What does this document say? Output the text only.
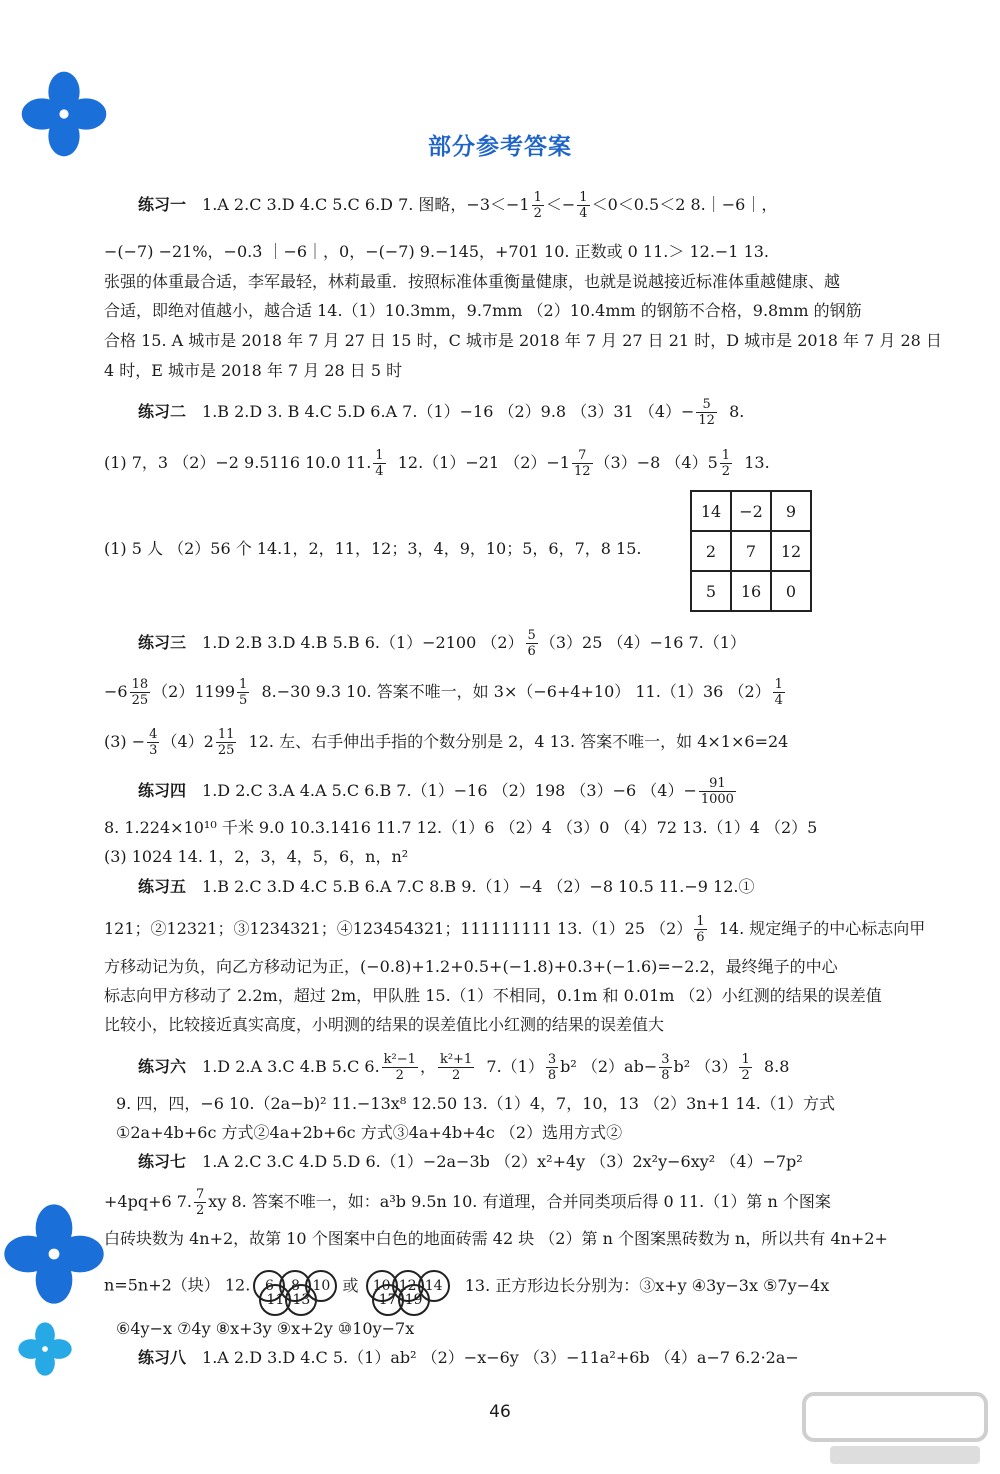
部分参考答案
练习一 1.A 2.C 3.D 4.C 5.C 6.D 7. 图略，$-3<-1 \frac{1}{2} <- \frac{1}{4} <0<0.5<2$ 8.｜−6｜，
−(−7) −21%，−0.3̇ ｜−6｜，0，−(−7) 9.−145，+701 10. 正数或 0 11.＞ 12.−1 13.
张强的体重最合适，李军最轻，林莉最重．按照标准体重衡量健康，也就是说越接近标准体重越健康、越
合适，即绝对值越小，越合适 14.（1）10.3mm，9.7mm （2）10.4mm 的钢筋不合格，9.8mm 的钢筋
合格 15. A 城市是 2018 年 7 月 27 日 15 时，C 城市是 2018 年 7 月 27 日 21 时，D 城市是 2018 年 7 月 28 日
4 时，E 城市是 2018 年 7 月 28 日 5 时
练习二 1.B 2.D 3. B 4.C 5.D 6.A 7.（1）−16 （2）9.8 （3）31 $(4)- \frac{5}{12} 8$.
(1) 7，3 （2）−2 9.5116 10.0 11. $\frac{1}{4} 12.(1)-21$ $(2)-1 \frac{7}{12} (3)-8$ $(4)5 \frac{1}{2} 13$.
(1) 5 人 （2）56 个 14.1，2，11，12；3，4，9，10；5，6，7，8 15.
14	−2	9
2	7	12
5	16	0
练习三 1.D 2.B 3.D 4.B 5.B 6.（1）−2100 $(2) \frac{5}{6} (3)25$ （4）−16 7.（1）
$-6 \frac{18}{25} (2)1199 \frac{1}{5} 8.-30$ 9.3 10. 答案不唯一，如 3×（−6+4+10） 11.（1）36 $(2) \frac{1}{4}$
$(3) - \frac{4}{3} (4)2 \frac{11}{25} 12$. 左、右手伸出手指的个数分别是 2，4 13. 答案不唯一，如 4×1×6=24
练习四 1.D 2.C 3.A 4.A 5.C 6.B 7.（1）−16 （2）198 （3）−6 $(4)- \frac{91}{1000}$
8. 1.224×10¹⁰ 千米 9.0 10.3.1416 11.7 12.（1）6 （2）4 （3）0 （4）72 13.（1）4 （2）5
(3) 1024 14. 1，2，3，4，5，6，n，n²
练习五 1.B 2.C 3.D 4.C 5.B 6.A 7.C 8.B 9.（1）−4 （2）−8 10.5 11.−9 12.①
121；②12321；③1234321；④123454321；111111111 13.（1）25 $(2) \frac{1}{6} 14$. 规定绳子的中心标志向甲
方移动记为负，向乙方移动记为正，(−0.8)+1.2+0.5+(−1.8)+0.3+(−1.6)=−2.2，最终绳子的中心
标志向甲方移动了 2.2m，超过 2m，甲队胜 15.（1）不相同，0.1m 和 0.01m （2）小红测的结果的误差值
比较小，比较接近真实高度，小明测的结果的误差值比小红测的结果的误差值大
练习六 1.D 2.A 3.C 4.B 5.C 6. $\frac{\text{k²−1}}{2}$ ， $\frac{\text{k²+1}}{2} 7.(1) \frac{3}{8} b^2$ $(2)ab- \frac{3}{8} b^2$ $(3) \frac{1}{2} 8.8$
9. 四，四，−6 10.（2a−b)² 11.−13x⁸ 12.50 13.（1）4，7，10，13 （2）3n+1 14.（1）方式
①2a+4b+6c 方式②4a+2b+6c 方式③4a+4b+4c （2）选用方式②
练习七 1.A 2.C 3.C 4.D 5.D 6.（1）−2a−3b （2）x²+4y （3）2x²y−6xy² （4）−7p²
+4pq+6 7. $\frac{7}{2}$ xy 8. 答案不唯一，如：a³b 9.5n 10. 有道理，合并同类项后得 0 11.（1）第 n 个图案
白砖块数为 4n+2，故第 10 个图案中白色的地面砖需 42 块 （2）第 n 个图案黑砖数为 n，所以共有 4n+2+
n=5n+2（块） 12. 6 8 1011 13 或 10 12 1417 19 13. 正方形边长分别为：③x+y ④3y−3x ⑤7y−4x
⑥4y−x ⑦4y ⑧x+3y ⑨x+2y ⑩10y−7x
练习八 1.A 2.D 3.D 4.C 5.（1）ab² （2）−x−6y （3）−11a²+6b （4）a−7 6.2·2a−
46
